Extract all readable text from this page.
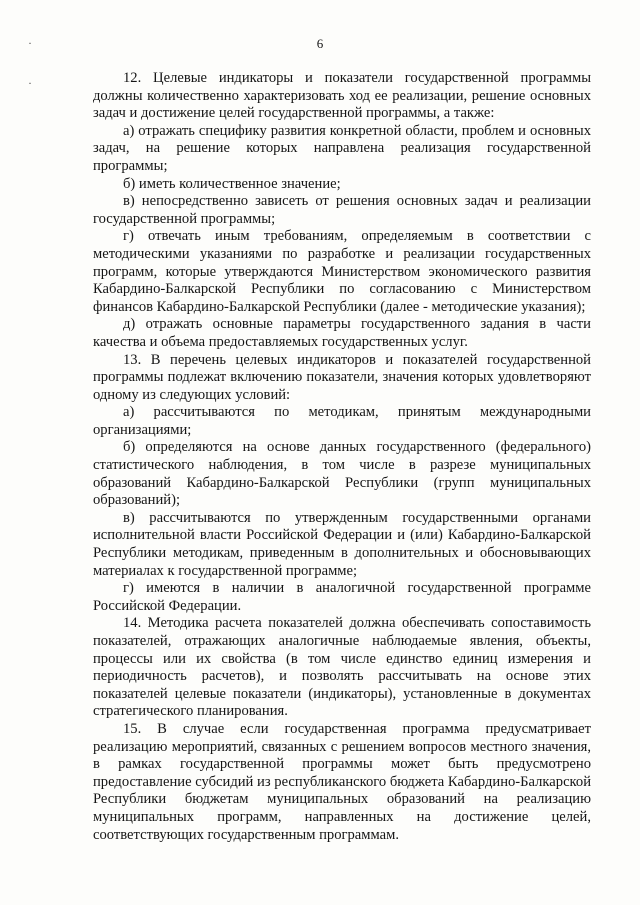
·
·
6

12. Целевые индикаторы и показатели государственной программы должны количественно характеризовать ход ее реализации, решение основных задач и достижение целей государственной программы, а также:

а) отражать специфику развития конкретной области, проблем и основных задач, на решение которых направлена реализация государственной программы;

б) иметь количественное значение;

в) непосредственно зависеть от решения основных задач и реализации государственной программы;

г) отвечать иным требованиям, определяемым в соответствии с методическими указаниями по разработке и реализации государственных программ, которые утверждаются Министерством экономического развития Кабардино-Балкарской Республики по согласованию с Министерством финансов Кабардино-Балкарской Республики (далее - методические указания);

д) отражать основные параметры государственного задания в части качества и объема предоставляемых государственных услуг.

13. В перечень целевых индикаторов и показателей государственной программы подлежат включению показатели, значения которых удовлетворяют одному из следующих условий:

а) рассчитываются по методикам, принятым международными организациями;

б) определяются на основе данных государственного (федерального) статистического наблюдения, в том числе в разрезе муниципальных образований Кабардино-Балкарской Республики (групп муниципальных образований);

в) рассчитываются по утвержденным государственными органами исполнительной власти Российской Федерации и (или) Кабардино-Балкарской Республики методикам, приведенным в дополнительных и обосновывающих материалах к государственной программе;

г) имеются в наличии в аналогичной государственной программе Российской Федерации.

14. Методика расчета показателей должна обеспечивать сопоставимость показателей, отражающих аналогичные наблюдаемые явления, объекты, процессы или их свойства (в том числе единство единиц измерения и периодичность расчетов), и позволять рассчитывать на основе этих показателей целевые показатели (индикаторы), установленные в документах стратегического планирования.

15. В случае если государственная программа предусматривает реализацию мероприятий, связанных с решением вопросов местного значения, в рамках государственной программы может быть предусмотрено предоставление субсидий из республиканского бюджета Кабардино-Балкарской Республики бюджетам муниципальных образований на реализацию муниципальных программ, направленных на достижение целей, соответствующих государственным программам.
